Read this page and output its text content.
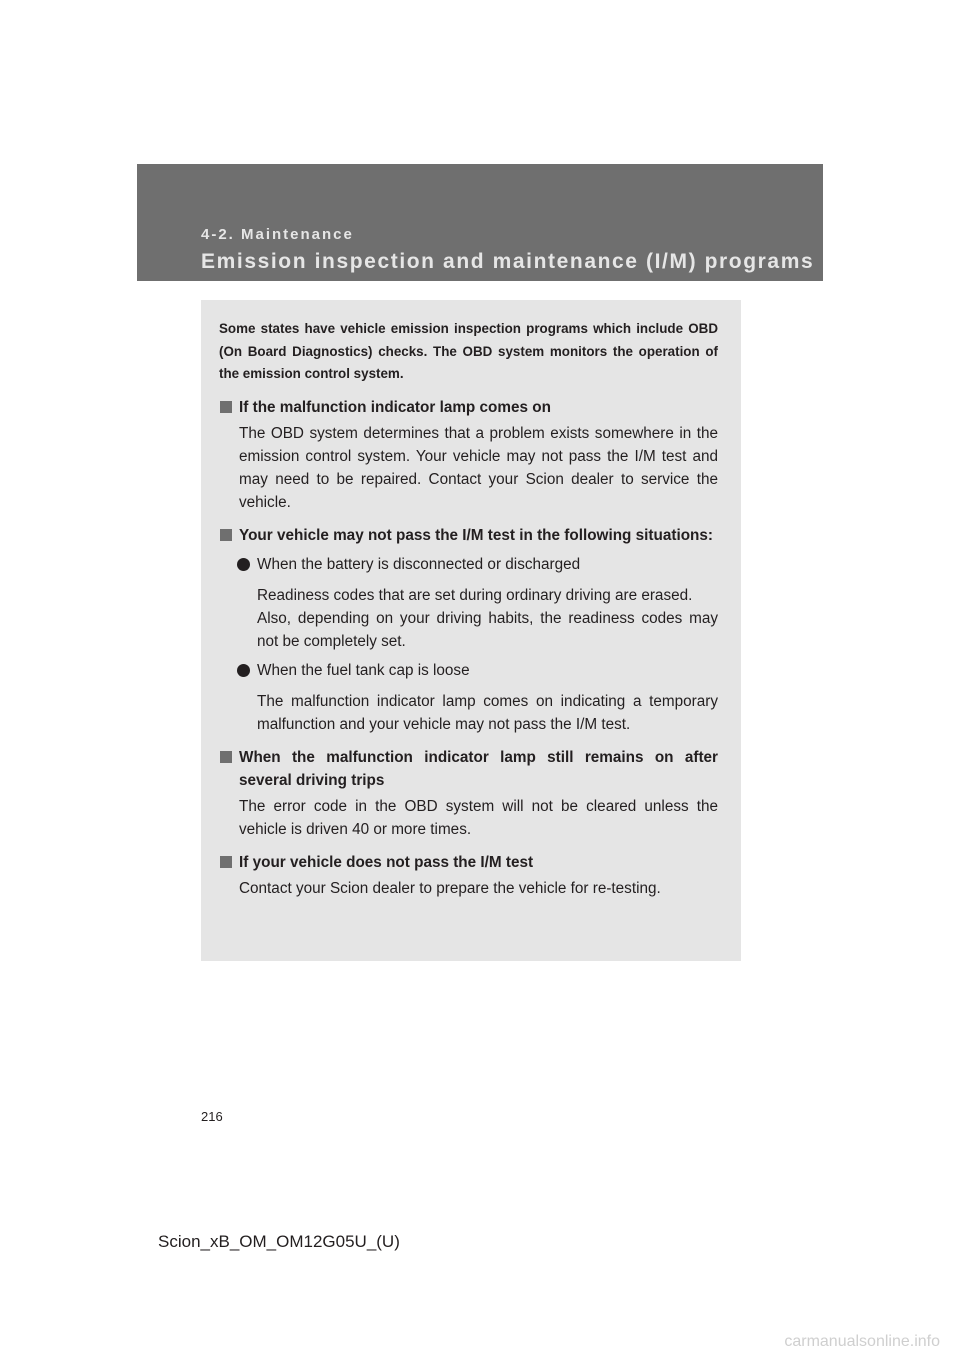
4-2. Maintenance
Emission inspection and maintenance (I/M) programs

Some states have vehicle emission inspection programs which include OBD (On Board Diagnostics) checks. The OBD system monitors the operation of the emission control system.

If the malfunction indicator lamp comes on
The OBD system determines that a problem exists somewhere in the emission control system. Your vehicle may not pass the I/M test and may need to be repaired. Contact your Scion dealer to service the vehicle.
Your vehicle may not pass the I/M test in the following situations:
When the battery is disconnected or discharged
Readiness codes that are set during ordinary driving are erased.
Also, depending on your driving habits, the readiness codes may not be completely set.
When the fuel tank cap is loose
The malfunction indicator lamp comes on indicating a temporary malfunction and your vehicle may not pass the I/M test.
When the malfunction indicator lamp still remains on after several driving trips
The error code in the OBD system will not be cleared unless the vehicle is driven 40 or more times.
If your vehicle does not pass the I/M test
Contact your Scion dealer to prepare the vehicle for re-testing.
216
Scion_xB_OM_OM12G05U_(U)
carmanualsonline.info
